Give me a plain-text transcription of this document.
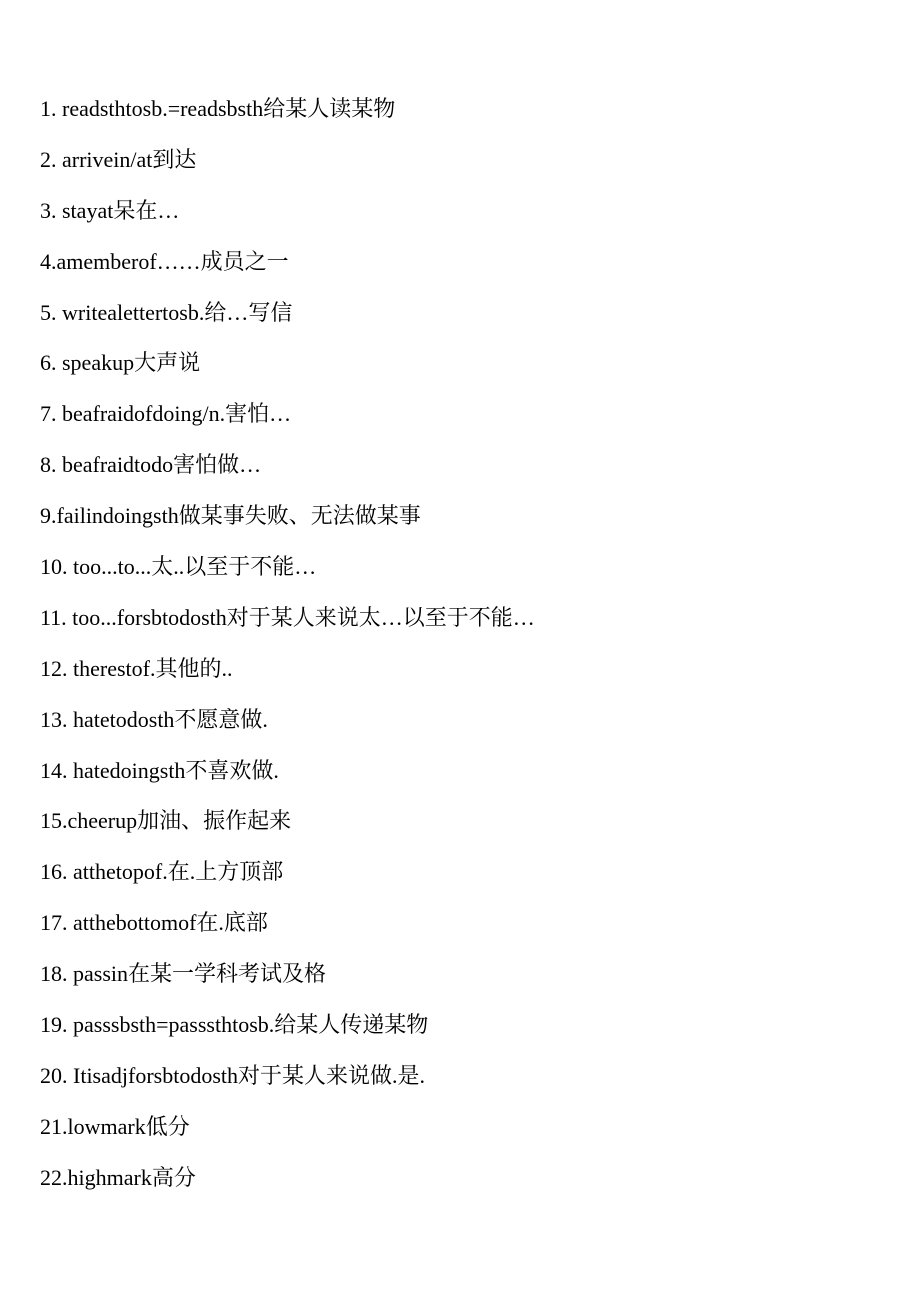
1. readsthtosb.=readsbsth给某人读某物
2. arrivein/at到达
3. stayat呆在…
4.amemberof……成员之一
5. writealettertosb.给…写信
6. speakup大声说
7. beafraidofdoing/n.害怕…
8. beafraidtodo害怕做…
9.failindoingsth做某事失败、无法做某事
10. too...to...太..以至于不能…
11. too...forsbtodosth对于某人来说太…以至于不能…
12. therestof.其他的..
13. hatetodosth不愿意做.
14. hatedoingsth不喜欢做.
15.cheerup加油、振作起来
16. atthetopof.在.上方顶部
17. atthebottomof在.底部
18. passin在某一学科考试及格
19. passsbsth=passsthtosb.给某人传递某物
20. Itisadjforsbtodosth对于某人来说做.是.
21.lowmark低分
22.highmark高分
